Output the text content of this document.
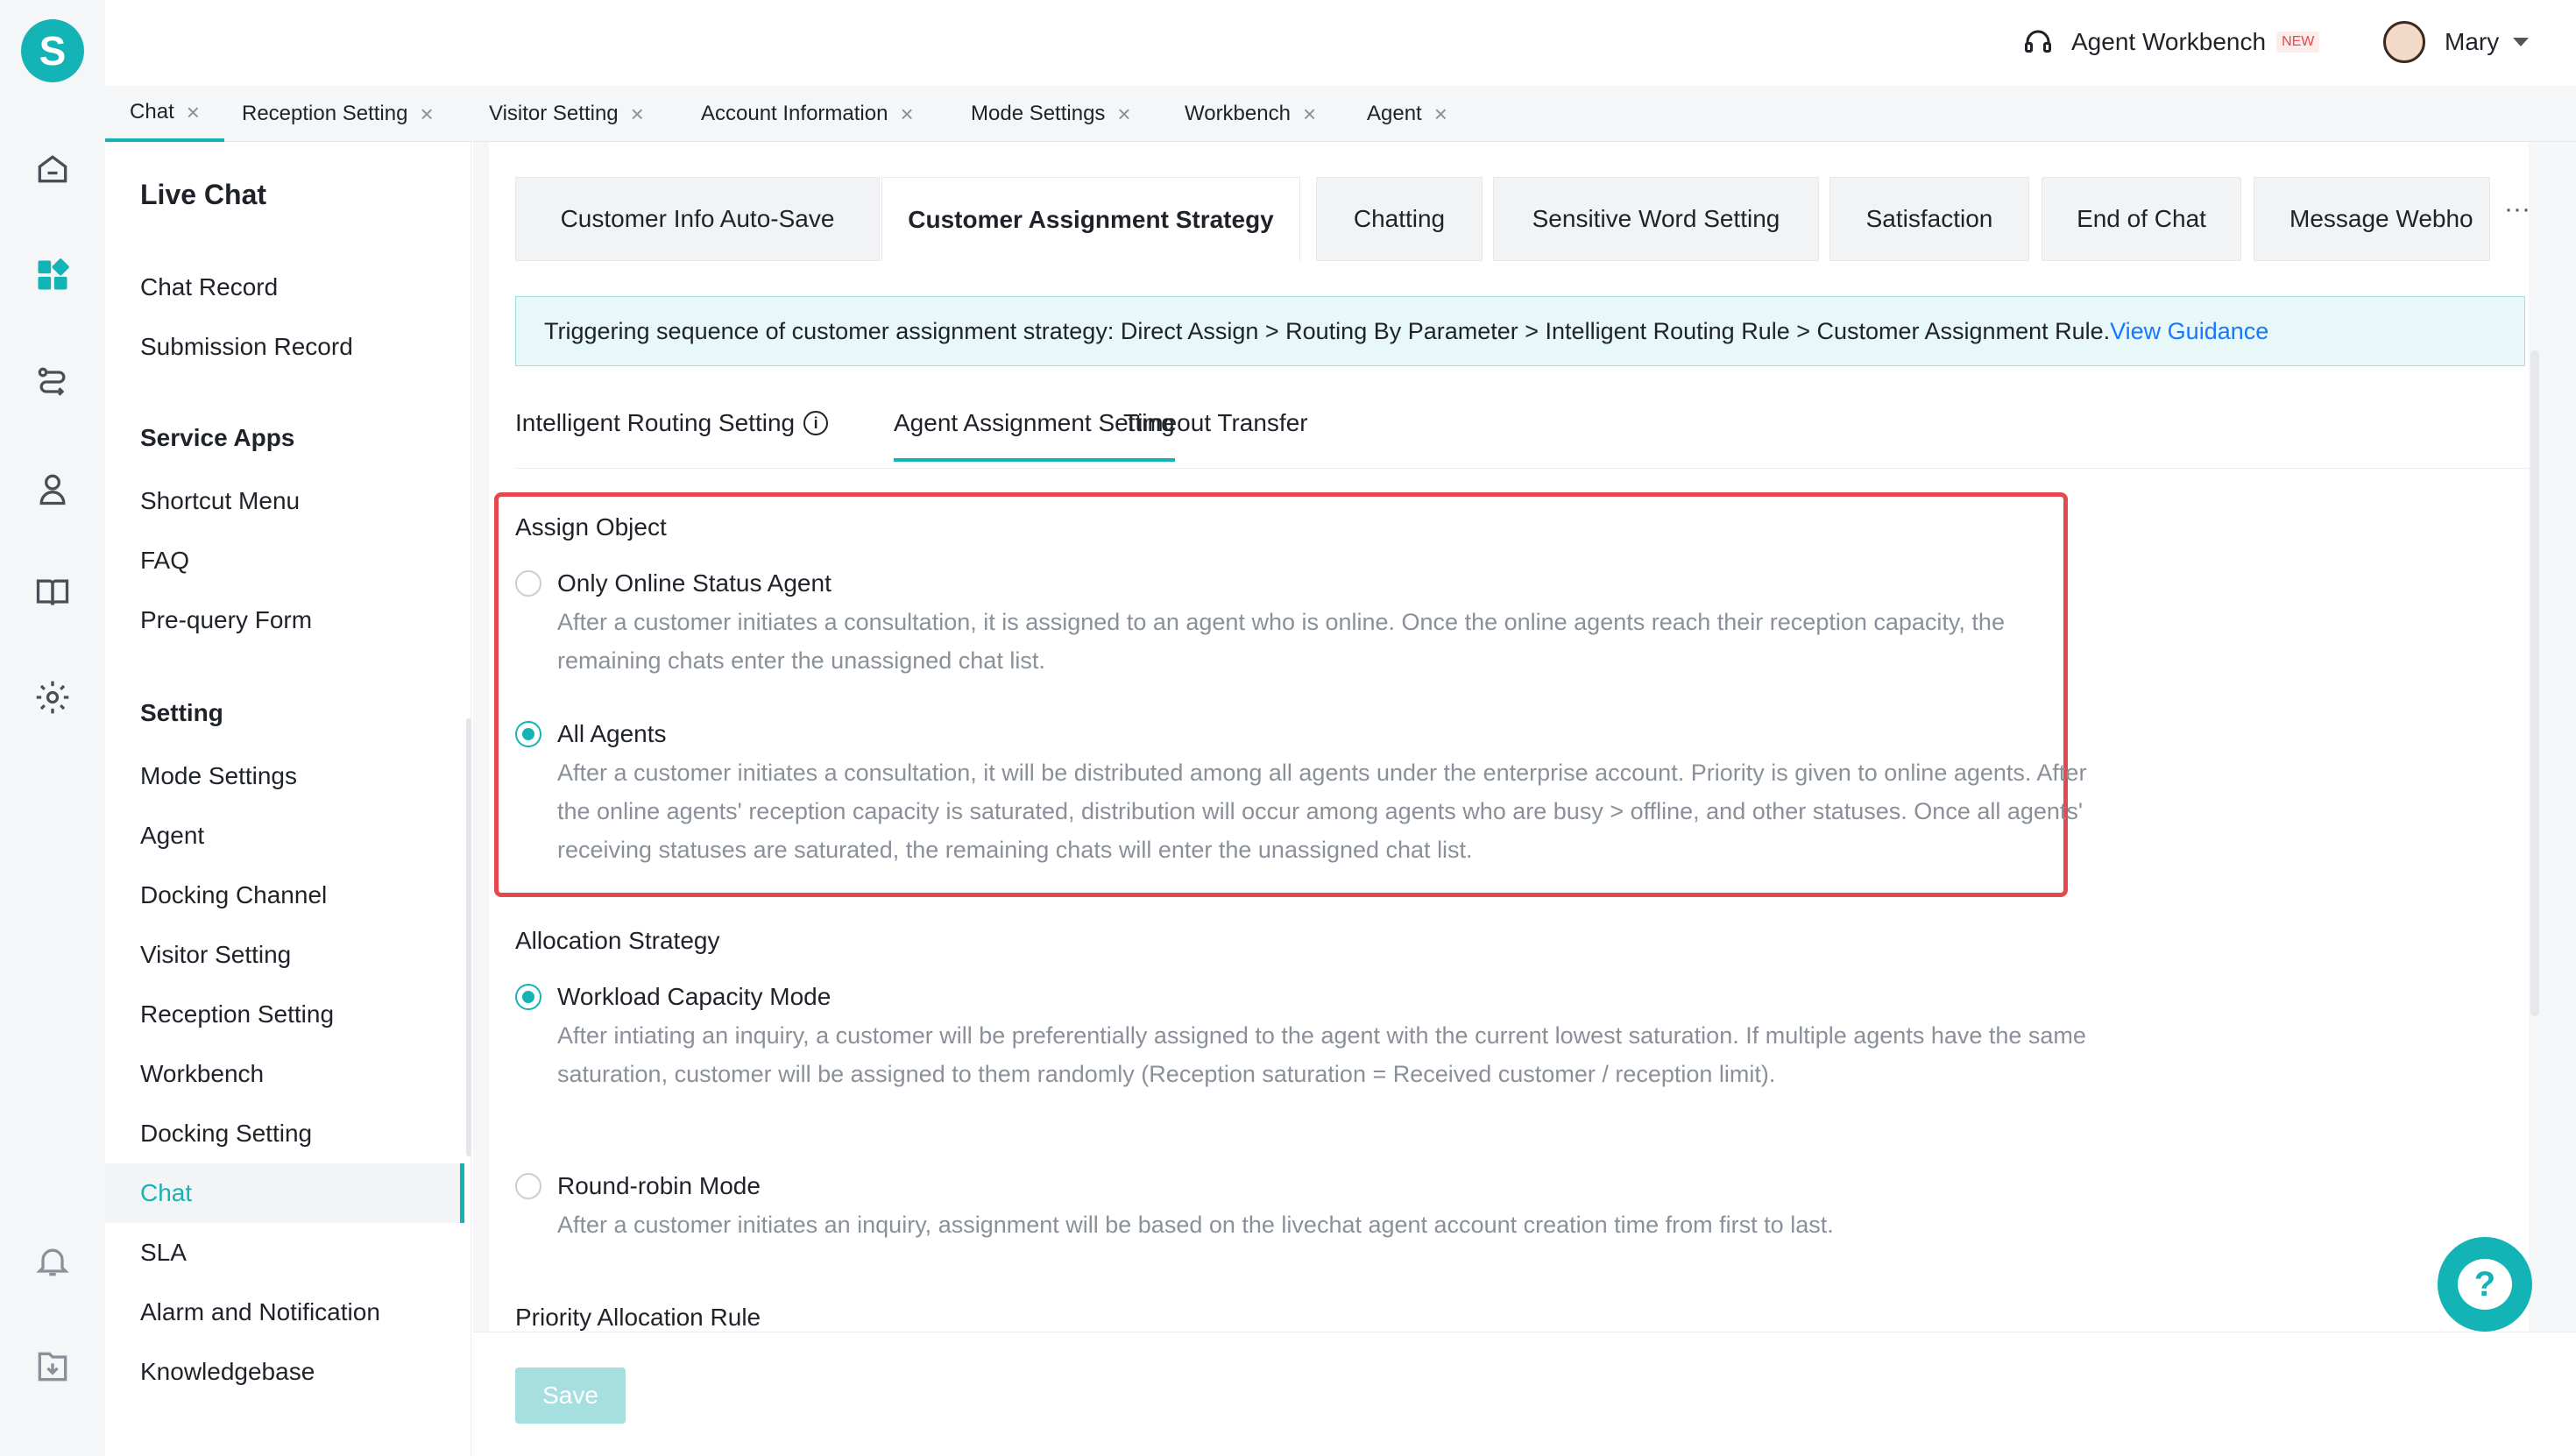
S	Agent Workbench	NEW	Mary
Chat × Reception Setting ×	Visitor Setting ×	Account Information ×	Mode Settings ×	Workbench × Agent ×
Live Chat
Chat Record
Submission Record
Service Apps
Shortcut Menu
FAQ
Pre-query Form
Setting
Mode Settings
Agent
Docking Channel
Visitor Setting
Reception Setting
Workbench
Docking Setting
Chat
SLA
Alarm and Notification
Knowledgebase
Customer Info Auto-Save	Customer Assignment Strategy	Chatting	Sensitive Word Setting	Satisfaction	End of Chat	Message Webho	···
Triggering sequence of customer assignment strategy: Direct Assign > Routing By Parameter > Intelligent Routing Rule > Customer Assignment Rule. View Guidance
Intelligent Routing Setting	i	Agent Assignment Setting
Timeout Transfer
Assign Object
Only Online Status Agent
After a customer initiates a consultation, it is assigned to an agent who is online. Once the online agents reach their reception capacity, the remaining chats enter the unassigned chat list.
All Agents
After a customer initiates a consultation, it will be distributed among all agents under the enterprise account. Priority is given to online agents. After the online agents' reception capacity is saturated, distribution will occur among agents who are busy > offline, and other statuses. Once all agents' receiving statuses are saturated, the remaining chats will enter the unassigned chat list.
Allocation Strategy
Workload Capacity Mode
After intiating an inquiry, a customer will be preferentially assigned to the agent with the current lowest saturation. If multiple agents have the same saturation, customer will be assigned to them randomly (Reception saturation = Received customer / reception limit).
Round-robin Mode
After a customer initiates an inquiry, assignment will be based on the livechat agent account creation time from first to last.
Priority Allocation Rule
Save
?
